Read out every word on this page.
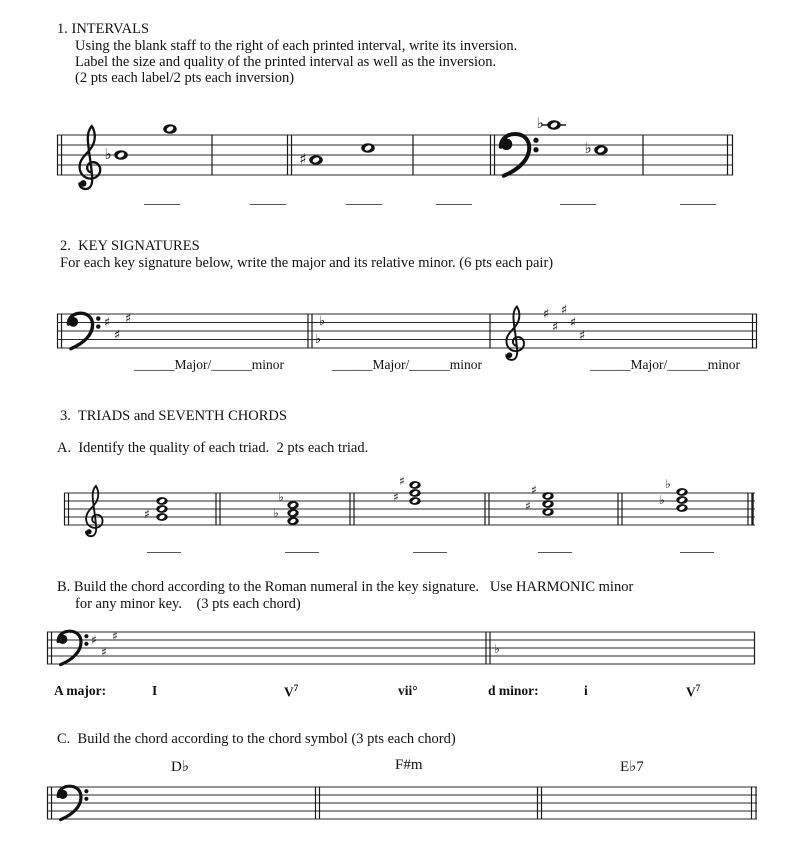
1. INTERVALS
Using the blank staff to the right of each printed interval, write its inversion.
Label the size and quality of the printed interval as well as the inversion.
(2 pts each label/2 pts each inversion)
♭	♯
♭
♭
2.  KEY SIGNATURES
For each key signature below, write the major and its relative minor. (6 pts each pair)
♯
♯
♯	♭
♭
♯
♯
♯
♯
♯
______Major/______minor	______Major/______minor	______Major/______minor
3.  TRIADS and SEVENTH CHORDS
A.  Identify the quality of each triad.  2 pts each triad.
♯
♭
♭
♯
♯	♯
♯
♭
♭
B. Build the chord according to the Roman numeral in the key signature.   Use HARMONIC minor
for any minor key.    (3 pts each chord)
♯
♯
♯
♭
A major:	I	$V^7$	vii°	d minor:	i	$V^7$
C.  Build the chord according to the chord symbol (3 pts each chord)
D♭	F#m	E♭7
